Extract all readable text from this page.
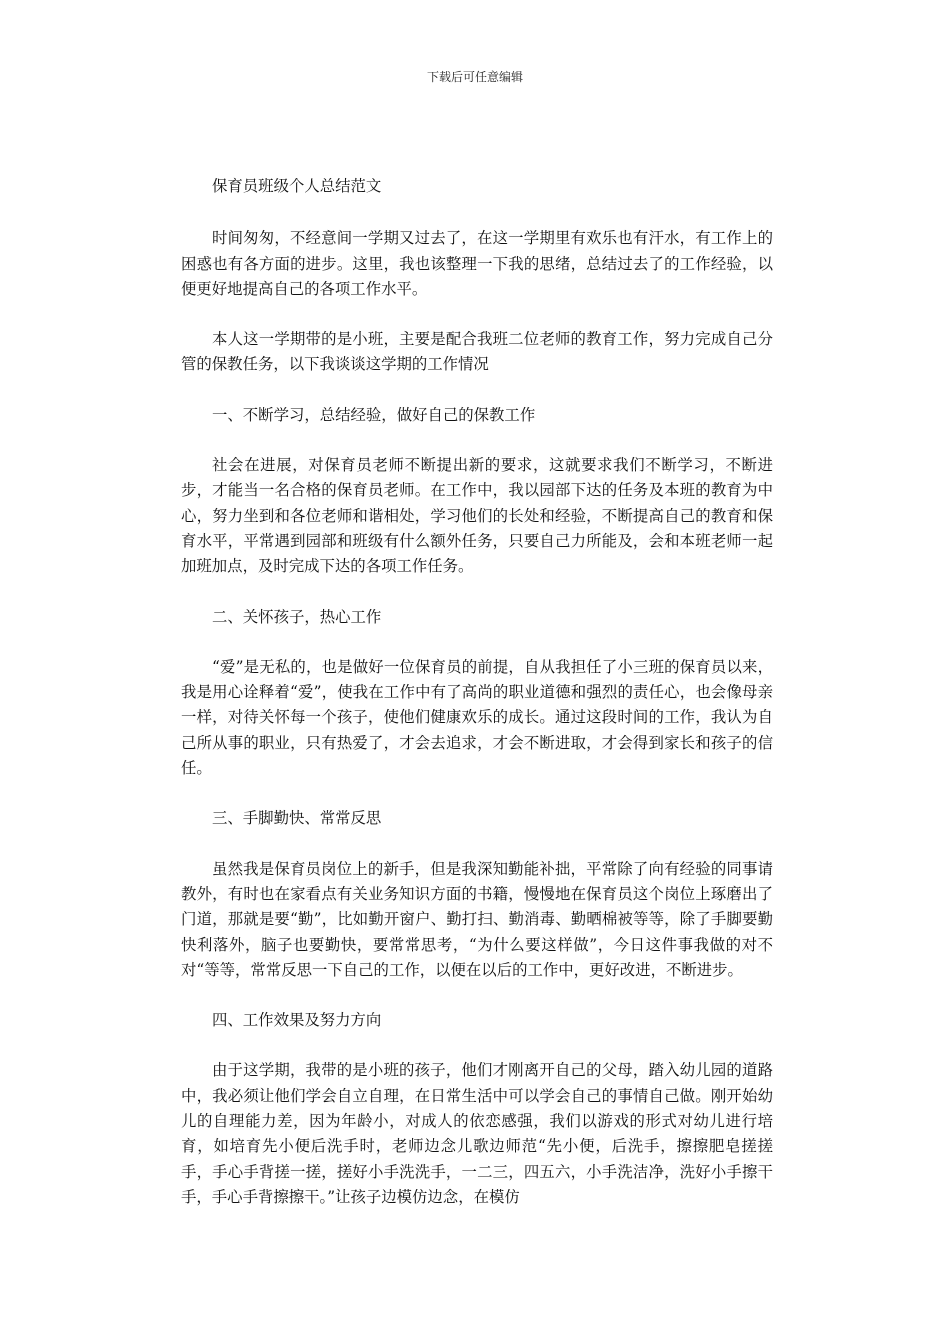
下载后可任意编辑

保育员班级个人总结范文

时间匆匆，不经意间一学期又过去了，在这一学期里有欢乐也有汗水，有工作上的困惑也有各方面的进步。这里，我也该整理一下我的思绪，总结过去了的工作经验，以便更好地提高自己的各项工作水平。

本人这一学期带的是小班，主要是配合我班二位老师的教育工作，努力完成自己分管的保教任务，以下我谈谈这学期的工作情况

一、不断学习，总结经验，做好自己的保教工作

社会在进展，对保育员老师不断提出新的要求，这就要求我们不断学习，不断进步，才能当一名合格的保育员老师。在工作中，我以园部下达的任务及本班的教育为中心，努力坐到和各位老师和谐相处，学习他们的长处和经验，不断提高自己的教育和保育水平，平常遇到园部和班级有什么额外任务，只要自己力所能及，会和本班老师一起加班加点，及时完成下达的各项工作任务。

二、关怀孩子，热心工作

“爱”是无私的，也是做好一位保育员的前提，自从我担任了小三班的保育员以来，我是用心诠释着“爱”，使我在工作中有了高尚的职业道德和强烈的责任心，也会像母亲一样，对待关怀每一个孩子，使他们健康欢乐的成长。通过这段时间的工作，我认为自己所从事的职业，只有热爱了，才会去追求，才会不断进取，才会得到家长和孩子的信任。

三、手脚勤快、常常反思

虽然我是保育员岗位上的新手，但是我深知勤能补拙，平常除了向有经验的同事请教外，有时也在家看点有关业务知识方面的书籍，慢慢地在保育员这个岗位上琢磨出了门道，那就是要“勤”，比如勤开窗户、勤打扫、勤消毒、勤晒棉被等等，除了手脚要勤快利落外，脑子也要勤快，要常常思考，“为什么要这样做”，今日这件事我做的对不对“等等，常常反思一下自己的工作，以便在以后的工作中，更好改进，不断进步。

四、工作效果及努力方向

由于这学期，我带的是小班的孩子，他们才刚离开自己的父母，踏入幼儿园的道路中，我必须让他们学会自立自理，在日常生活中可以学会自己的事情自己做。刚开始幼儿的自理能力差，因为年龄小，对成人的依恋感强，我们以游戏的形式对幼儿进行培育，如培育先小便后洗手时，老师边念儿歌边师范“先小便，后洗手，擦擦肥皂搓搓手，手心手背搓一搓，搓好小手洗洗手，一二三，四五六，小手洗洁净，洗好小手擦干手，手心手背擦擦干。”让孩子边模仿边念，在模仿
